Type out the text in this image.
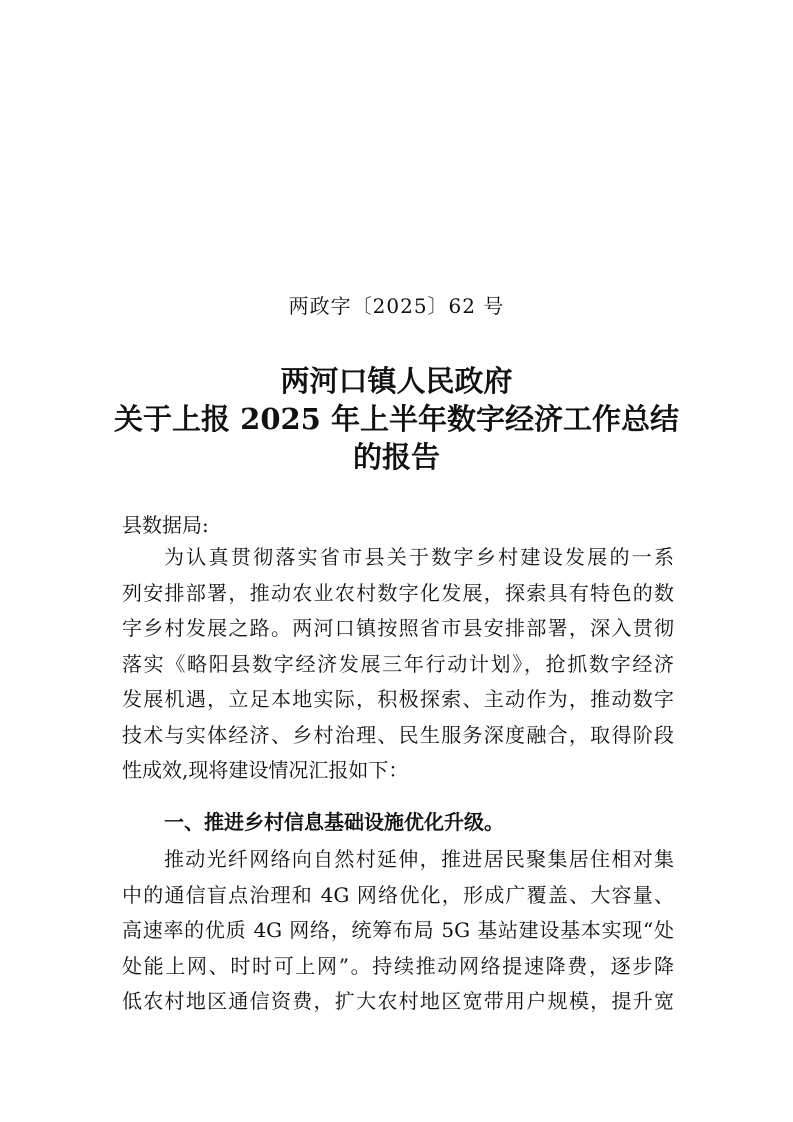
两政字〔2025〕62 号
两河口镇人民政府
关于上报 2025 年上半年数字经济工作总结
的报告
县数据局:
为认真贯彻落实省市县关于数字乡村建设发展的一系
列安排部署，推动农业农村数字化发展，探索具有特色的数
字乡村发展之路。两河口镇按照省市县安排部署，深入贯彻
落实《略阳县数字经济发展三年行动计划》，抢抓数字经济
发展机遇，立足本地实际，积极探索、主动作为，推动数字
技术与实体经济、乡村治理、民生服务深度融合，取得阶段
性成效,现将建设情况汇报如下：
一、推进乡村信息基础设施优化升级。
推动光纤网络向自然村延伸，推进居民聚集居住相对集
中的通信盲点治理和 4G 网络优化，形成广覆盖、大容量、
高速率的优质 4G 网络，统筹布局 5G 基站建设基本实现“处
处能上网、时时可上网”。持续推动网络提速降费，逐步降
低农村地区通信资费，扩大农村地区宽带用户规模，提升宽
